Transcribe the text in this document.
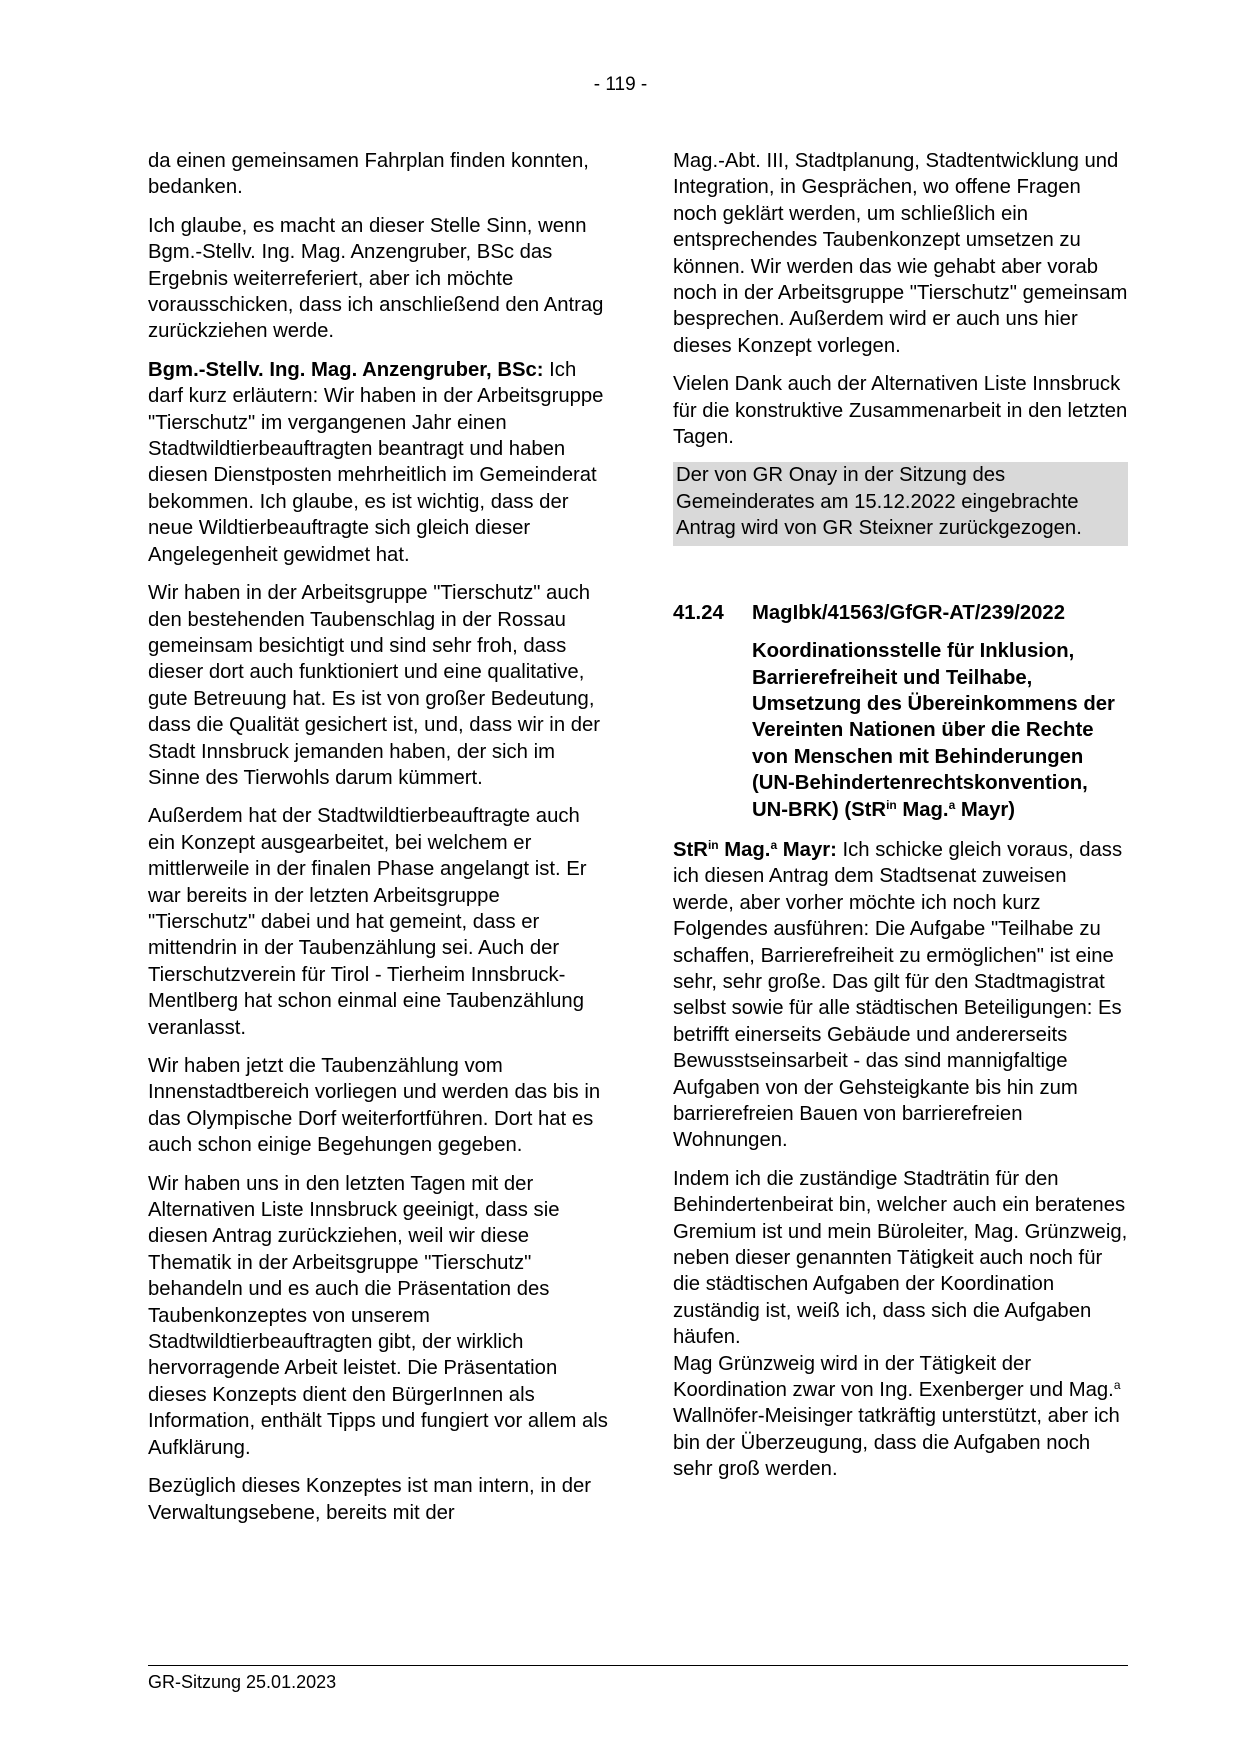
- 119 -

da einen gemeinsamen Fahrplan finden konnten, bedanken.

Ich glaube, es macht an dieser Stelle Sinn, wenn Bgm.-Stellv. Ing. Mag. Anzengruber, BSc das Ergebnis weiterreferiert, aber ich möchte vorausschicken, dass ich anschließend den Antrag zurückziehen werde.

Bgm.-Stellv. Ing. Mag. Anzengruber, BSc: Ich darf kurz erläutern: Wir haben in der Arbeitsgruppe "Tierschutz" im vergangenen Jahr einen Stadtwildtierbeauftragten beantragt und haben diesen Dienstposten mehrheitlich im Gemeinderat bekommen. Ich glaube, es ist wichtig, dass der neue Wildtierbeauftragte sich gleich dieser Angelegenheit gewidmet hat.

Wir haben in der Arbeitsgruppe "Tierschutz" auch den bestehenden Taubenschlag in der Rossau gemeinsam besichtigt und sind sehr froh, dass dieser dort auch funktioniert und eine qualitative, gute Betreuung hat. Es ist von großer Bedeutung, dass die Qualität gesichert ist, und, dass wir in der Stadt Innsbruck jemanden haben, der sich im Sinne des Tierwohls darum kümmert.

Außerdem hat der Stadtwildtierbeauftragte auch ein Konzept ausgearbeitet, bei welchem er mittlerweile in der finalen Phase angelangt ist. Er war bereits in der letzten Arbeitsgruppe "Tierschutz" dabei und hat gemeint, dass er mittendrin in der Taubenzählung sei. Auch der Tierschutzverein für Tirol - Tierheim Innsbruck-Mentlberg hat schon einmal eine Taubenzählung veranlasst.

Wir haben jetzt die Taubenzählung vom Innenstadtbereich vorliegen und werden das bis in das Olympische Dorf weiterfortführen. Dort hat es auch schon einige Begehungen gegeben.

Wir haben uns in den letzten Tagen mit der Alternativen Liste Innsbruck geeinigt, dass sie diesen Antrag zurückziehen, weil wir diese Thematik in der Arbeitsgruppe "Tierschutz" behandeln und es auch die Präsentation des Taubenkonzeptes von unserem Stadtwildtierbeauftragten gibt, der wirklich hervorragende Arbeit leistet. Die Präsentation dieses Konzepts dient den BürgerInnen als Information, enthält Tipps und fungiert vor allem als Aufklärung.

Bezüglich dieses Konzeptes ist man intern, in der Verwaltungsebene, bereits mit der

Mag.-Abt. III, Stadtplanung, Stadtentwicklung und Integration, in Gesprächen, wo offene Fragen noch geklärt werden, um schließlich ein entsprechendes Taubenkonzept umsetzen zu können. Wir werden das wie gehabt aber vorab noch in der Arbeitsgruppe "Tierschutz" gemeinsam besprechen. Außerdem wird er auch uns hier dieses Konzept vorlegen.

Vielen Dank auch der Alternativen Liste Innsbruck für die konstruktive Zusammenarbeit in den letzten Tagen.

Der von GR Onay in der Sitzung des Gemeinderates am 15.12.2022 eingebrachte Antrag wird von GR Steixner zurückgezogen.

41.24	MagIbk/41563/GfGR-AT/239/2022
Koordinationsstelle für Inklusion, Barrierefreiheit und Teilhabe, Umsetzung des Übereinkommens der Vereinten Nationen über die Rechte von Menschen mit Behinderungen (UN-Behindertenrechtskonvention, UN-BRK) (StR$^{in}$ Mag.$^a$ Mayr)

StR$^{in}$ Mag.$^a$ Mayr: Ich schicke gleich voraus, dass ich diesen Antrag dem Stadtsenat zuweisen werde, aber vorher möchte ich noch kurz Folgendes ausführen: Die Aufgabe "Teilhabe zu schaffen, Barrierefreiheit zu ermöglichen" ist eine sehr, sehr große. Das gilt für den Stadtmagistrat selbst sowie für alle städtischen Beteiligungen: Es betrifft einerseits Gebäude und andererseits Bewusstseinsarbeit - das sind mannigfaltige Aufgaben von der Gehsteigkante bis hin zum barrierefreien Bauen von barrierefreien Wohnungen.

Indem ich die zuständige Stadträtin für den Behindertenbeirat bin, welcher auch ein beratenes Gremium ist und mein Büroleiter, Mag. Grünzweig, neben dieser genannten Tätigkeit auch noch für die städtischen Aufgaben der Koordination zuständig ist, weiß ich, dass sich die Aufgaben häufen.

Mag Grünzweig wird in der Tätigkeit der Koordination zwar von Ing. Exenberger und Mag.$^a$ Wallnöfer-Meisinger tatkräftig unterstützt, aber ich bin der Überzeugung, dass die Aufgaben noch sehr groß werden.

GR-Sitzung 25.01.2023
